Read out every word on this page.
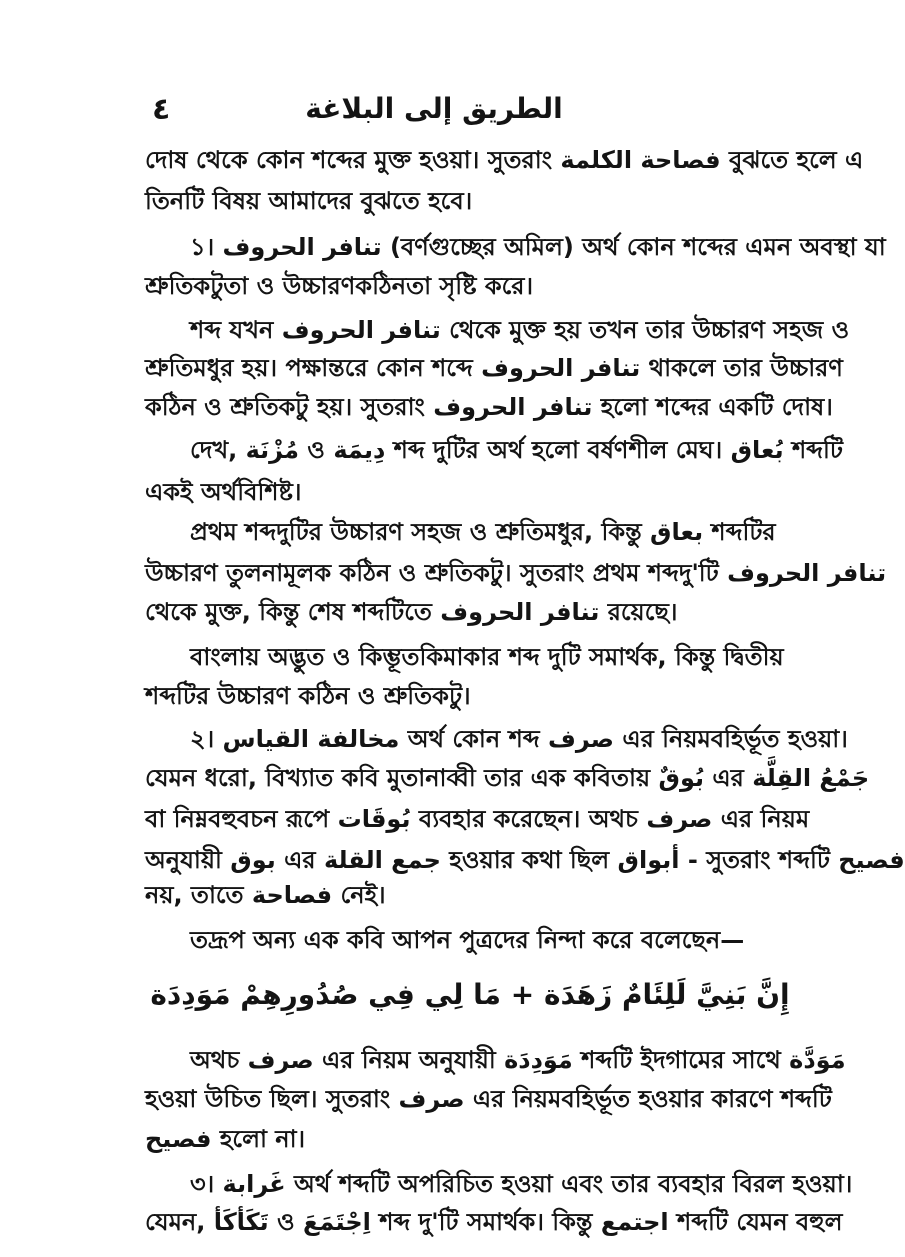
٤	الطريق إلى البلاغة
দোষ থেকে কোন শব্দের মুক্ত হওয়া। সুতরাং فصاحة الكلمة বুঝতে হলে এ
তিনটি বিষয় আমাদের বুঝতে হবে।
১। تنافر الحروف (বর্ণগুচ্ছের অমিল) অর্থ কোন শব্দের এমন অবস্থা যা
শ্রুতিকটুতা ও উচ্চারণকঠিনতা সৃষ্টি করে।
শব্দ যখন تنافر الحروف থেকে মুক্ত হয় তখন তার উচ্চারণ সহজ ও
শ্রুতিমধুর হয়। পক্ষান্তরে কোন শব্দে تنافر الحروف থাকলে তার উচ্চারণ
কঠিন ও শ্রুতিকটু হয়। সুতরাং تنافر الحروف হলো শব্দের একটি দোষ।
দেখ, مُزْنَة ও دِيمَة শব্দ দুটির অর্থ হলো বর্ষণশীল মেঘ। بُعاق শব্দটি
একই অর্থবিশিষ্ট।
প্রথম শব্দদুটির উচ্চারণ সহজ ও শ্রুতিমধুর, কিন্তু بعاق শব্দটির
উচ্চারণ তুলনামূলক কঠিন ও শ্রুতিকটু। সুতরাং প্রথম শব্দদু'টি تنافر الحروف
থেকে মুক্ত, কিন্তু শেষ শব্দটিতে تنافر الحروف রয়েছে।
বাংলায় অদ্ভুত ও কিম্ভূতকিমাকার শব্দ দুটি সমার্থক, কিন্তু দ্বিতীয়
শব্দটির উচ্চারণ কঠিন ও শ্রুতিকটু।
২। مخالفة القياس অর্থ কোন শব্দ صرف এর নিয়মবহির্ভূত হওয়া।
যেমন ধরো, বিখ্যাত কবি মুতানাব্বী তার এক কবিতায় بُوقٌ এর جَمْعُ القِلَّة
বা নিম্নবহুবচন রূপে بُوقَات ব্যবহার করেছেন। অথচ صرف এর নিয়ম
অনুযায়ী بوق এর جمع القلة হওয়ার কথা ছিল أبواق - সুতরাং শব্দটি فصيح
নয়, তাতে فصاحة নেই।
তদ্রূপ অন্য এক কবি আপন পুত্রদের নিন্দা করে বলেছেন—
إِنَّ بَنِيَّ لَلِئَامٌ زَهَدَة + مَا لِي فِي صُدُورِهِمْ مَوَدِدَة
অথচ صرف এর নিয়ম অনুযায়ী مَوَدِدَة শব্দটি ইদগামের সাথে مَوَدَّة
হওয়া উচিত ছিল। সুতরাং صرف এর নিয়মবহির্ভূত হওয়ার কারণে শব্দটি
فصيح হলো না।
৩। غَرابة অর্থ শব্দটি অপরিচিত হওয়া এবং তার ব্যবহার বিরল হওয়া।
যেমন, تَكَأكَأ ও اِجْتَمَعَ শব্দ দু'টি সমার্থক। কিন্তু اجتمع শব্দটি যেমন বহুল
